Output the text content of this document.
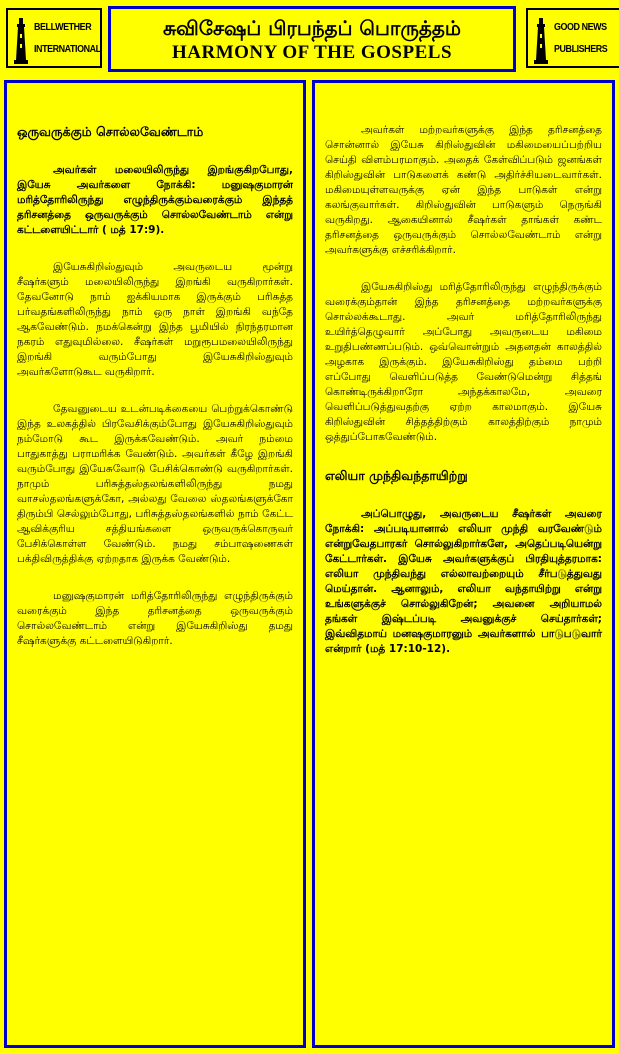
BELLWETHER
INTERNATIONAL
சுவிசேஷப் பிரபந்தப் பொருத்தம்
HARMONY OF THE GOSPELS
GOOD NEWS
PUBLISHERS
ஒருவருக்கும் சொல்லவேண்டாம்

அவர்கள் மலையிலிருந்து இறங்குகிறபோது, இயேசு அவர்களை நோக்கி: மனுஷகுமாரன் மரித்தோரிலிருந்து எழுந்திருக்கும்வரைக்கும் இந்தத் தரிசனத்தை ஒருவருக்கும் சொல்லவேண்டாம் என்று கட்டளையிட்டார் ( மத் 17:9).

இயேசுகிறிஸ்துவும் அவருடைய மூன்று சீஷர்களும் மலையிலிருந்து இறங்கி வருகிறார்கள். தேவனோடு நாம் ஐக்கியமாக இருக்கும் பரிசுத்த பர்வதங்களிலிருந்து நாம் ஒரு நாள் இறங்கி வந்தே ஆகவேண்டும். நமக்கென்று இந்த பூமியில் நிரந்தரமான நகரம் எதுவுமில்லை. சீஷர்கள் மறுரூபமலையிலிருந்து இறங்கி வரும்போது இயேசுகிறிஸ்துவும் அவர்களோடுகூட வருகிறார்.

தேவனுடைய உடன்படிக்கையை பெற்றுக்கொண்டு இந்த உலகத்தில் பிரவேசிக்கும்போது இயேசுகிறிஸ்துவும் நம்மோடு கூட இருக்கவேண்டும். அவர் நம்மை பாதுகாத்து பராமரிக்க வேண்டும். அவர்கள் கீழே இறங்கி வரும்போது இயேசுவோடு பேசிக்கொண்டு வருகிறார்கள். நாமும் பரிசுத்தஸ்தலங்களிலிருந்து நமது வாசஸ்தலங்களுக்கோ, அல்லது வேலை ஸ்தலங்களுக்கோ திரும்பி செல்லும்போது, பரிசுத்தஸ்தலங்களில் நாம் கேட்ட ஆவிக்குரிய சத்தியங்களை ஒருவருக்கொருவர் பேசிக்கொள்ள வேண்டும். நமது சம்பாஷணைகள் பக்திவிருத்திக்கு ஏற்றதாக இருக்க வேண்டும்.

மனுஷகுமாரன் மரித்தோரிலிருந்து எழுந்திருக்கும் வரைக்கும் இந்த தரிசனத்தை ஒருவருக்கும் சொல்லவேண்டாம் என்று இயேசுகிறிஸ்து தமது சீஷர்களுக்கு கட்டளையிடுகிறார்.

அவர்கள் மற்றவர்களுக்கு இந்த தரிசனத்தை சொன்னால் இயேசு கிறிஸ்துவின் மகிமையைப்பற்றிய செய்தி விளம்பரமாகும். அதைக் கேள்விப்படும் ஜனங்கள் கிறிஸ்துவின் பாடுகளைக் கண்டு அதிர்ச்சியடைவார்கள். மகிமையுள்ளவருக்கு ஏன் இந்த பாடுகள் என்று கலங்குவார்கள். கிறிஸ்துவின் பாடுகளும் நெருங்கி வருகிறது. ஆகையினால் சீஷர்கள் தாங்கள் கண்ட தரிசனத்தை ஒருவருக்கும் சொல்லவேண்டாம் என்று அவர்களுக்கு எச்சரிக்கிறார்.

இயேசுகிறிஸ்து மரித்தோரிலிருந்து எழுந்திருக்கும் வரைக்கும்தான் இந்த தரிசனத்தை மற்றவர்களுக்கு சொல்லக்கூடாது. அவர் மரித்தோரிலிருந்து உயிர்த்தெழுவார் அப்போது அவருடைய மகிமை உறுதிபண்ணப்படும். ஒவ்வொன்றும் அதனதன் காலத்தில் அழகாக இருக்கும். இயேசுகிறிஸ்து தம்மை பற்றி எப்போது வெளிப்படுத்த வேண்டுமென்று சித்தங் கொண்டிருக்கிறாரோ அந்தக்காலமே, அவரை வெளிப்படுத்துவதற்கு ஏற்ற காலமாகும். இயேசு கிறிஸ்துவின் சித்தத்திற்கும் காலத்திற்கும் நாமும் ஒத்துப்போகவேண்டும்.

எலியா முந்திவந்தாயிற்று

அப்பொழுது, அவருடைய சீஷர்கள் அவரை நோக்கி: அப்படியானால் எலியா முந்தி வரவேண்டும் என்றுவேதபாரகர் சொல்லுகிறார்களே, அதெப்படியென்று கேட்டார்கள். இயேசு அவர்களுக்குப் பிரதியுத்தரமாக: எலியா முந்திவந்து எல்லாவற்றையும் சீர்படுத்துவது மெய்தான். ஆனாலும், எலியா வந்தாயிற்று என்று உங்களுக்குச் சொல்லுகிறேன்; அவனை அறியாமல் தங்கள் இஷ்டப்படி அவனுக்குச் செய்தார்கள்; இவ்விதமாய் மனஷகுமாரனும் அவர்களால் பாடுபடுவார் என்றார் (மத் 17:10-12).
